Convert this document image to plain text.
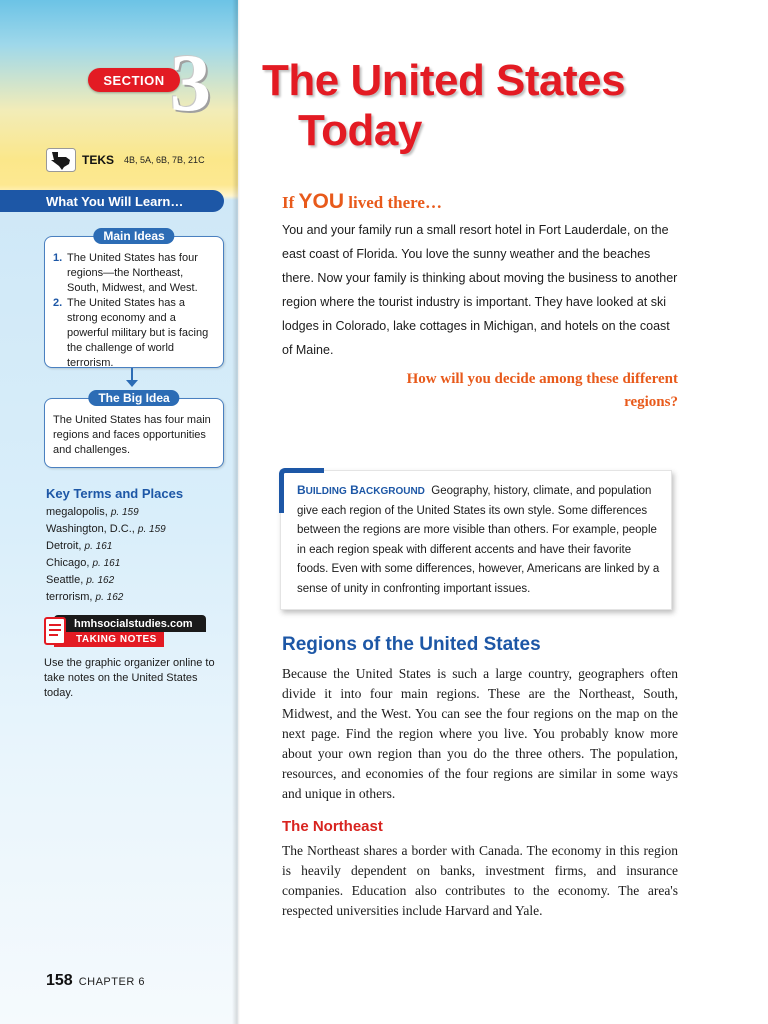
SECTION 3
TEKS 4B, 5A, 6B, 7B, 21C
What You Will Learn…
Main Ideas
1. The United States has four regions—the Northeast, South, Midwest, and West.
2. The United States has a strong economy and a powerful military but is facing the challenge of world terrorism.
The Big Idea
The United States has four main regions and faces opportunities and challenges.
Key Terms and Places
megalopolis, p. 159
Washington, D.C., p. 159
Detroit, p. 161
Chicago, p. 161
Seattle, p. 162
terrorism, p. 162
hmhsocialstudies.com
TAKING NOTES
Use the graphic organizer online to take notes on the United States today.
158 CHAPTER 6
The United States
Today
If YOU lived there…

You and your family run a small resort hotel in Fort Lauderdale, on the east coast of Florida. You love the sunny weather and the beaches there. Now your family is thinking about moving the business to another region where the tourist industry is important. They have looked at ski lodges in Colorado, lake cottages in Michigan, and hotels on the coast of Maine.

How will you decide among these different regions?

BUILDING BACKGROUND Geography, history, climate, and population give each region of the United States its own style. Some differences between the regions are more visible than others. For example, people in each region speak with different accents and have their favorite foods. Even with some differences, however, Americans are linked by a sense of unity in confronting important issues.

Regions of the United States

Because the United States is such a large country, geographers often divide it into four main regions. These are the Northeast, South, Midwest, and the West. You can see the four regions on the map on the next page. Find the region where you live. You probably know more about your own region than you do the three others. The population, resources, and economies of the four regions are similar in some ways and unique in others.

The Northeast

The Northeast shares a border with Canada. The economy in this region is heavily dependent on banks, investment firms, and insurance companies. Education also contributes to the economy. The area's respected universities include Harvard and Yale.
